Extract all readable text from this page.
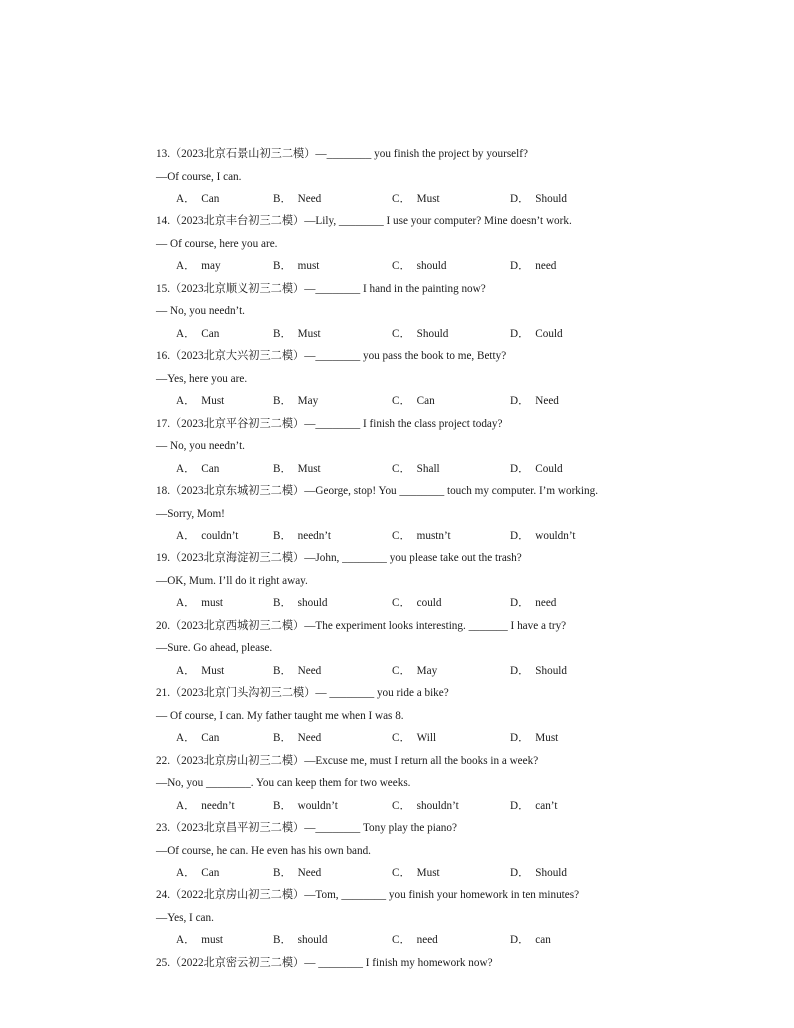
13.（2023北京石景山初三二模）—________ you finish the project by yourself?
—Of course, I can.
A． Can	B． Need	C． Must	D． Should
14.（2023北京丰台初三二模）—Lily, ________ I use your computer? Mine doesn’t work.
— Of course, here you are.
A． may	B． must	C． should	D． need
15.（2023北京顺义初三二模）—________ I hand in the painting now?
— No, you needn’t.
A． Can	B． Must	C． Should	D． Could
16.（2023北京大兴初三二模）—________ you pass the book to me, Betty?
—Yes, here you are.
A． Must	B． May	C． Can	D． Need
17.（2023北京平谷初三二模）—________ I finish the class project today?
— No, you needn’t.
A． Can	B． Must	C． Shall	D． Could
18.（2023北京东城初三二模）—George, stop! You ________ touch my computer. I’m working.
—Sorry, Mom!
A． couldn’t	B． needn’t	C． mustn’t	D． wouldn’t
19.（2023北京海淀初三二模）—John, ________ you please take out the trash?
—OK, Mum. I’ll do it right away.
A． must	B． should	C． could	D． need
20.（2023北京西城初三二模）—The experiment looks interesting. _______ I have a try?
—Sure. Go ahead, please.
A． Must	B． Need	C． May	D． Should
21.（2023北京门头沟初三二模）— ________ you ride a bike?
— Of course, I can. My father taught me when I was 8.
A． Can	B． Need	C． Will	D． Must
22.（2023北京房山初三二模）—Excuse me, must I return all the books in a week?
—No, you ________. You can keep them for two weeks.
A． needn’t	B． wouldn’t	C． shouldn’t	D． can’t
23.（2023北京昌平初三二模）—________ Tony play the piano?
—Of course, he can. He even has his own band.
A． Can	B． Need	C． Must	D． Should
24.（2022北京房山初三二模）—Tom, ________ you finish your homework in ten minutes?
—Yes, I can.
A． must	B． should	C． need	D． can
25.（2022北京密云初三二模）— ________ I finish my homework now?
